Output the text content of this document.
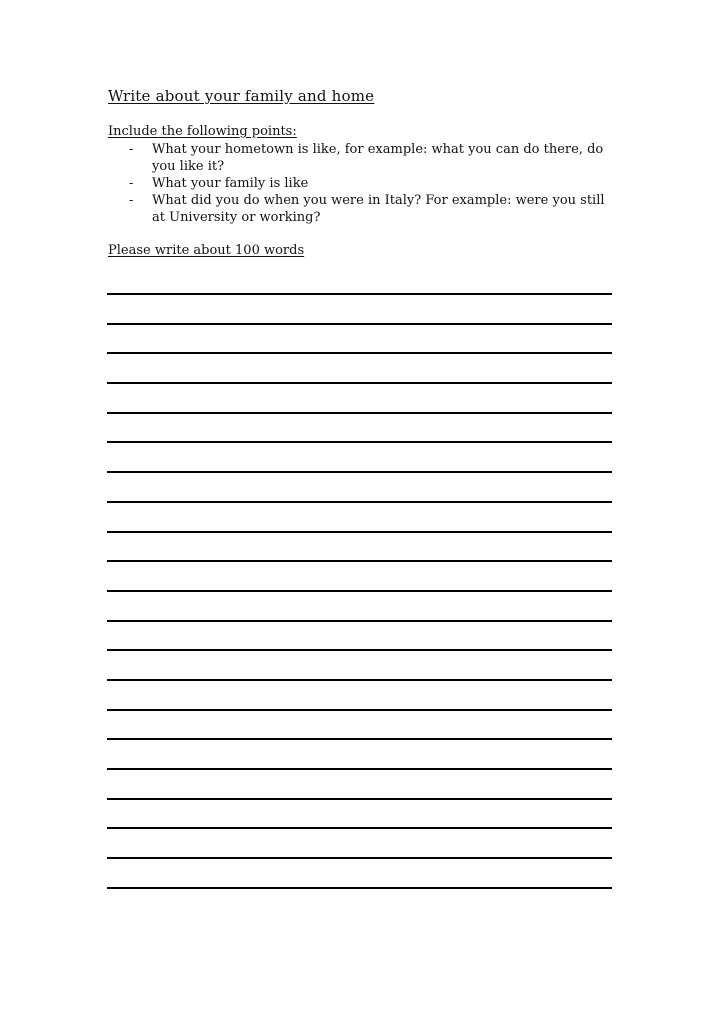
Write about your family and home
Include the following points:
- What your hometown is like, for example: what you can do there, do you like it?
- What your family is like
- What did you do when you were in Italy? For example: were you still at University or working?
Please write about 100 words
